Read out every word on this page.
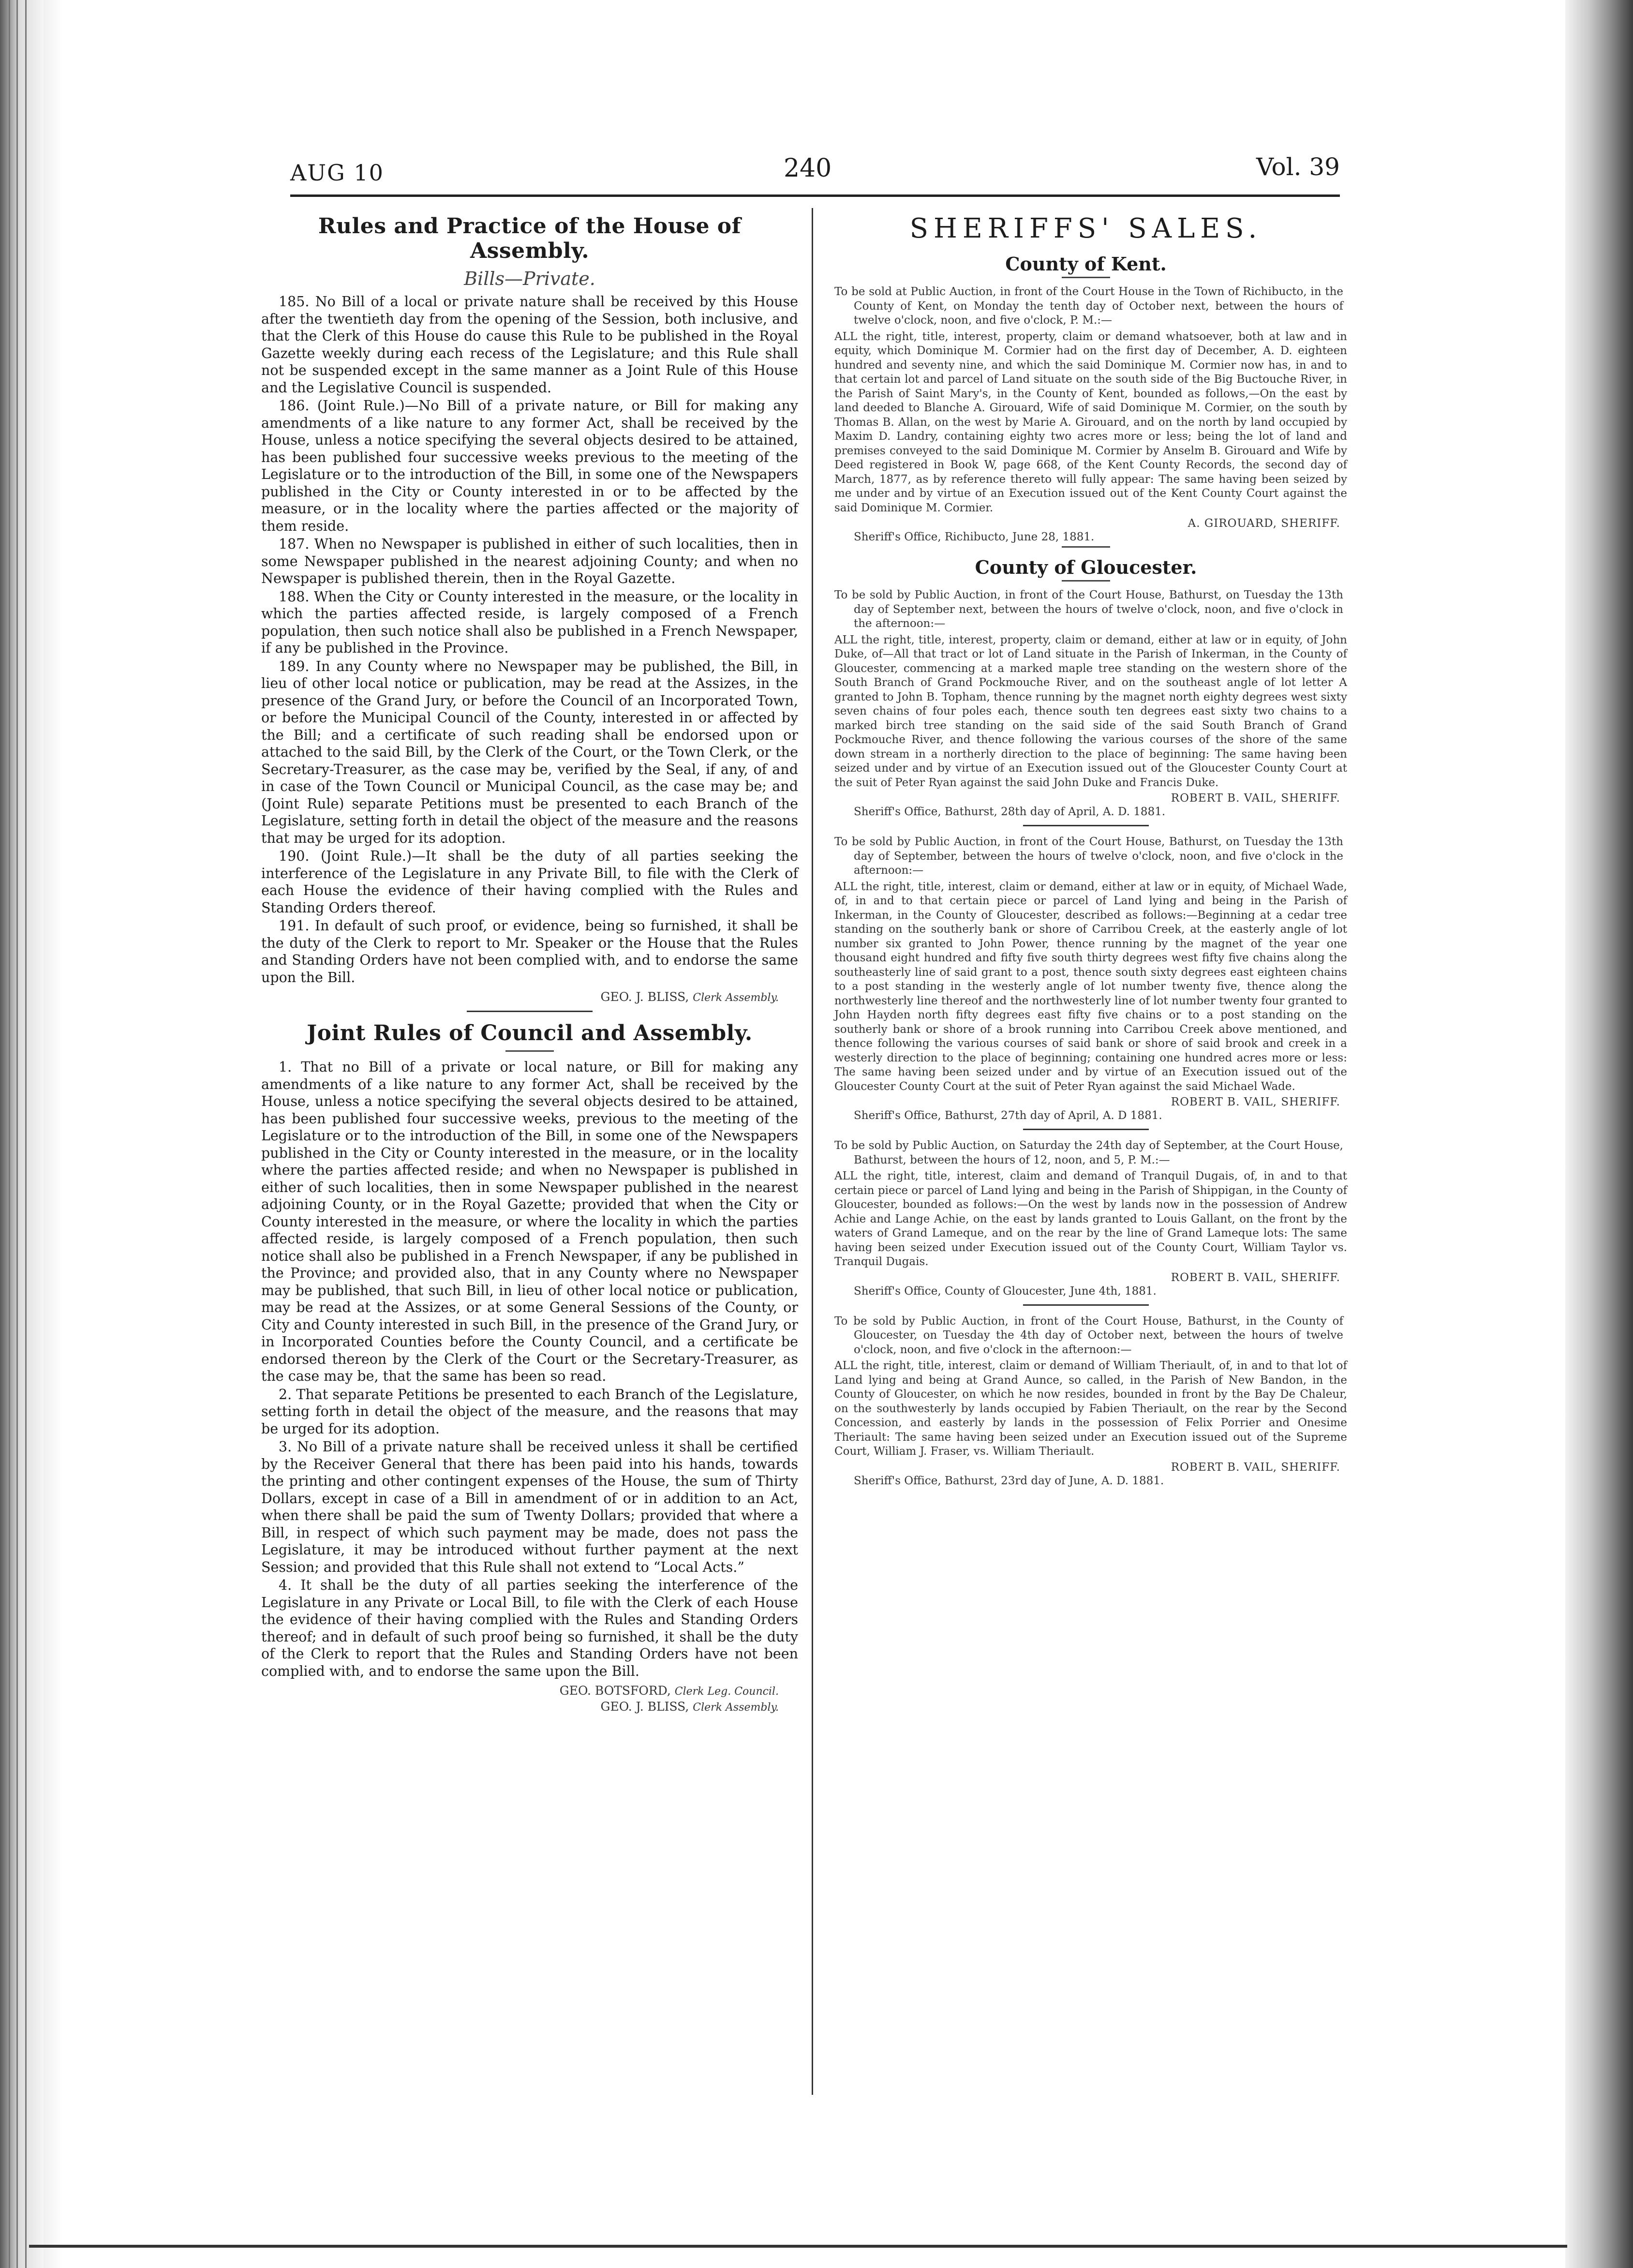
AUG 10	240	Vol. 39
Rules and Practice of the House of Assembly.
Bills—Private.

185. No Bill of a local or private nature shall be received by this House after the twentieth day from the opening of the Session, both inclusive, and that the Clerk of this House do cause this Rule to be published in the Royal Gazette weekly during each recess of the Legislature; and this Rule shall not be suspended except in the same manner as a Joint Rule of this House and the Legislative Council is suspended.

186. (Joint Rule.)—No Bill of a private nature, or Bill for making any amendments of a like nature to any former Act, shall be received by the House, unless a notice specifying the several objects desired to be attained, has been published four successive weeks previous to the meeting of the Legislature or to the introduction of the Bill, in some one of the Newspapers published in the City or County interested in or to be affected by the measure, or in the locality where the parties affected or the majority of them reside.

187. When no Newspaper is published in either of such localities, then in some Newspaper published in the nearest adjoining County; and when no Newspaper is published therein, then in the Royal Gazette.

188. When the City or County interested in the measure, or the locality in which the parties affected reside, is largely composed of a French population, then such notice shall also be published in a French Newspaper, if any be published in the Province.

189. In any County where no Newspaper may be published, the Bill, in lieu of other local notice or publication, may be read at the Assizes, in the presence of the Grand Jury, or before the Council of an Incorporated Town, or before the Municipal Council of the County, interested in or affected by the Bill; and a certificate of such reading shall be endorsed upon or attached to the said Bill, by the Clerk of the Court, or the Town Clerk, or the Secretary-Treasurer, as the case may be, verified by the Seal, if any, of and in case of the Town Council or Municipal Council, as the case may be; and (Joint Rule) separate Petitions must be presented to each Branch of the Legislature, setting forth in detail the object of the measure and the reasons that may be urged for its adoption.

190. (Joint Rule.)—It shall be the duty of all parties seeking the interference of the Legislature in any Private Bill, to file with the Clerk of each House the evidence of their having complied with the Rules and Standing Orders thereof.

191. In default of such proof, or evidence, being so furnished, it shall be the duty of the Clerk to report to Mr. Speaker or the House that the Rules and Standing Orders have not been complied with, and to endorse the same upon the Bill.

GEO. J. BLISS, Clerk Assembly.
Joint Rules of Council and Assembly.

1. That no Bill of a private or local nature, or Bill for making any amendments of a like nature to any former Act, shall be received by the House, unless a notice specifying the several objects desired to be attained, has been published four successive weeks, previous to the meeting of the Legislature or to the introduction of the Bill, in some one of the Newspapers published in the City or County interested in the measure, or in the locality where the parties affected reside; and when no Newspaper is published in either of such localities, then in some Newspaper published in the nearest adjoining County, or in the Royal Gazette; provided that when the City or County interested in the measure, or where the locality in which the parties affected reside, is largely composed of a French population, then such notice shall also be published in a French Newspaper, if any be published in the Province; and provided also, that in any County where no Newspaper may be published, that such Bill, in lieu of other local notice or publication, may be read at the Assizes, or at some General Sessions of the County, or City and County interested in such Bill, in the presence of the Grand Jury, or in Incorporated Counties before the County Council, and a certificate be endorsed thereon by the Clerk of the Court or the Secretary-Treasurer, as the case may be, that the same has been so read.

2. That separate Petitions be presented to each Branch of the Legislature, setting forth in detail the object of the measure, and the reasons that may be urged for its adoption.

3. No Bill of a private nature shall be received unless it shall be certified by the Receiver General that there has been paid into his hands, towards the printing and other contingent expenses of the House, the sum of Thirty Dollars, except in case of a Bill in amendment of or in addition to an Act, when there shall be paid the sum of Twenty Dollars; provided that where a Bill, in respect of which such payment may be made, does not pass the Legislature, it may be introduced without further payment at the next Session; and provided that this Rule shall not extend to “Local Acts.”

4. It shall be the duty of all parties seeking the interference of the Legislature in any Private or Local Bill, to file with the Clerk of each House the evidence of their having complied with the Rules and Standing Orders thereof; and in default of such proof being so furnished, it shall be the duty of the Clerk to report that the Rules and Standing Orders have not been complied with, and to endorse the same upon the Bill.

GEO. BOTSFORD, Clerk Leg. Council.
GEO. J. BLISS, Clerk Assembly.
SHERIFFS' SALES.
County of Kent.

To be sold at Public Auction, in front of the Court House in the Town of Richibucto, in the County of Kent, on Monday the tenth day of October next, between the hours of twelve o'clock, noon, and five o'clock, P. M.:—

ALL the right, title, interest, property, claim or demand whatsoever, both at law and in equity, which Dominique M. Cormier had on the first day of December, A. D. eighteen hundred and seventy nine, and which the said Dominique M. Cormier now has, in and to that certain lot and parcel of Land situate on the south side of the Big Buctouche River, in the Parish of Saint Mary's, in the County of Kent, bounded as follows,—On the east by land deeded to Blanche A. Girouard, Wife of said Dominique M. Cormier, on the south by Thomas B. Allan, on the west by Marie A. Girouard, and on the north by land occupied by Maxim D. Landry, containing eighty two acres more or less; being the lot of land and premises conveyed to the said Dominique M. Cormier by Anselm B. Girouard and Wife by Deed registered in Book W, page 668, of the Kent County Records, the second day of March, 1877, as by reference thereto will fully appear: The same having been seized by me under and by virtue of an Execution issued out of the Kent County Court against the said Dominique M. Cormier.

A. GIROUARD, SHERIFF.
Sheriff's Office, Richibucto, June 28, 1881.
County of Gloucester.

To be sold by Public Auction, in front of the Court House, Bathurst, on Tuesday the 13th day of September next, between the hours of twelve o'clock, noon, and five o'clock in the afternoon:—

ALL the right, title, interest, property, claim or demand, either at law or in equity, of John Duke, of—All that tract or lot of Land situate in the Parish of Inkerman, in the County of Gloucester, commencing at a marked maple tree standing on the western shore of the South Branch of Grand Pockmouche River, and on the southeast angle of lot letter A granted to John B. Topham, thence running by the magnet north eighty degrees west sixty seven chains of four poles each, thence south ten degrees east sixty two chains to a marked birch tree standing on the said side of the said South Branch of Grand Pockmouche River, and thence following the various courses of the shore of the same down stream in a northerly direction to the place of beginning: The same having been seized under and by virtue of an Execution issued out of the Gloucester County Court at the suit of Peter Ryan against the said John Duke and Francis Duke.

ROBERT B. VAIL, SHERIFF.
Sheriff's Office, Bathurst, 28th day of April, A. D. 1881.

To be sold by Public Auction, in front of the Court House, Bathurst, on Tuesday the 13th day of September, between the hours of twelve o'clock, noon, and five o'clock in the afternoon:—

ALL the right, title, interest, claim or demand, either at law or in equity, of Michael Wade, of, in and to that certain piece or parcel of Land lying and being in the Parish of Inkerman, in the County of Gloucester, described as follows:—Beginning at a cedar tree standing on the southerly bank or shore of Carribou Creek, at the easterly angle of lot number six granted to John Power, thence running by the magnet of the year one thousand eight hundred and fifty five south thirty degrees west fifty five chains along the southeasterly line of said grant to a post, thence south sixty degrees east eighteen chains to a post standing in the westerly angle of lot number twenty five, thence along the northwesterly line thereof and the northwesterly line of lot number twenty four granted to John Hayden north fifty degrees east fifty five chains or to a post standing on the southerly bank or shore of a brook running into Carribou Creek above mentioned, and thence following the various courses of said bank or shore of said brook and creek in a westerly direction to the place of beginning; containing one hundred acres more or less: The same having been seized under and by virtue of an Execution issued out of the Gloucester County Court at the suit of Peter Ryan against the said Michael Wade.

ROBERT B. VAIL, SHERIFF.
Sheriff's Office, Bathurst, 27th day of April, A. D 1881.

To be sold by Public Auction, on Saturday the 24th day of September, at the Court House, Bathurst, between the hours of 12, noon, and 5, P. M.:—

ALL the right, title, interest, claim and demand of Tranquil Dugais, of, in and to that certain piece or parcel of Land lying and being in the Parish of Shippigan, in the County of Gloucester, bounded as follows:—On the west by lands now in the possession of Andrew Achie and Lange Achie, on the east by lands granted to Louis Gallant, on the front by the waters of Grand Lameque, and on the rear by the line of Grand Lameque lots: The same having been seized under Execution issued out of the County Court, William Taylor vs. Tranquil Dugais.

ROBERT B. VAIL, SHERIFF.
Sheriff's Office, County of Gloucester, June 4th, 1881.

To be sold by Public Auction, in front of the Court House, Bathurst, in the County of Gloucester, on Tuesday the 4th day of October next, between the hours of twelve o'clock, noon, and five o'clock in the afternoon:—

ALL the right, title, interest, claim or demand of William Theriault, of, in and to that lot of Land lying and being at Grand Aunce, so called, in the Parish of New Bandon, in the County of Gloucester, on which he now resides, bounded in front by the Bay De Chaleur, on the southwesterly by lands occupied by Fabien Theriault, on the rear by the Second Concession, and easterly by lands in the possession of Felix Porrier and Onesime Theriault: The same having been seized under an Execution issued out of the Supreme Court, William J. Fraser, vs. William Theriault.

ROBERT B. VAIL, SHERIFF.
Sheriff's Office, Bathurst, 23rd day of June, A. D. 1881.
